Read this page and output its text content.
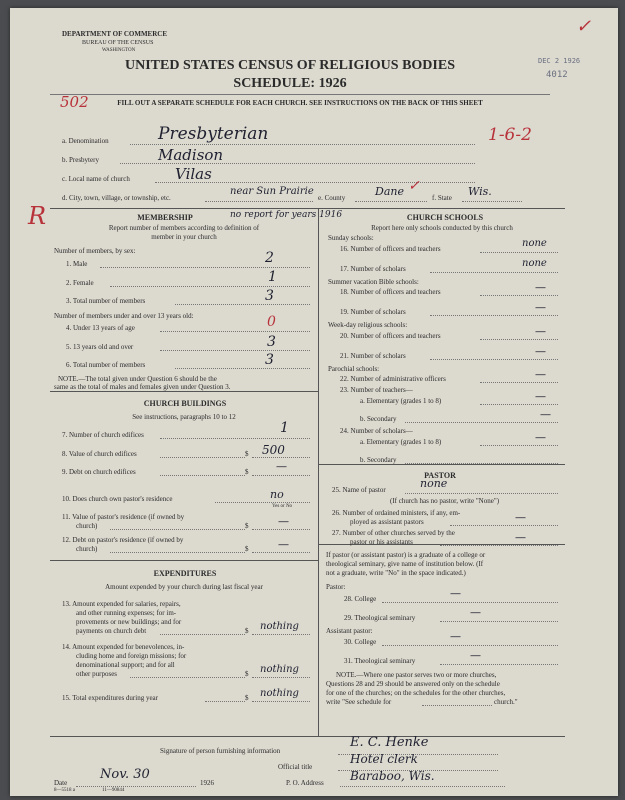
DEPARTMENT OF COMMERCE
BUREAU OF THE CENSUS
WASHINGTON
UNITED STATES CENSUS OF RELIGIOUS BODIES
SCHEDULE: 1926
FILL OUT A SEPARATE SCHEDULE FOR EACH CHURCH. SEE INSTRUCTIONS ON THE BACK OF THIS SHEET
DEC 2 1926
4012
502
1-6-2
R
✓
a. Denomination	Presbyterian
b. Presbytery	Madison
c. Local name of church	Vilas
d. City, town, village, or township, etc.
near Sun Prairie
e. County	Dane ✓
f. State Wis.
MEMBERSHIP	no report for years 1916
Report number of members according to definition of
member in your church
Number of members, by sex:
1. Male	2
2. Female	1
3. Total number of members	3
Number of members under and over 13 years old:
4. Under 13 years of age	0
5. 13 years old and over	3
6. Total number of members	3
NOTE.—The total given under Question 6 should be the
same as the total of males and females given under Question 3.
CHURCH BUILDINGS
See instructions, paragraphs 10 to 12
7. Number of church edifices	1
8. Value of church edifices	$ 500
9. Debt on church edifices	$	—
10. Does church own pastor's residence	no
Yes or No
11. Value of pastor's residence (if owned by
church)	$	—
12. Debt on pastor's residence (if owned by
church)	$	—
EXPENDITURES
Amount expended by your church during last fiscal year
13. Amount expended for salaries, repairs,
and other running expenses; for im-
provements or new buildings; and for
payments on church debt	$ nothing
14. Amount expended for benevolences, in-
cluding home and foreign missions; for
denominational support; and for all
other purposes	$ nothing
15. Total expenditures during year	$ nothing
CHURCH SCHOOLS
Report here only schools conducted by this church
Sunday schools:
16. Number of officers and teachers	none
17. Number of scholars	none
Summer vacation Bible schools:
18. Number of officers and teachers	—
19. Number of scholars	—
Week-day religious schools:
20. Number of officers and teachers	—
21. Number of scholars	—
Parochial schools:
22. Number of administrative officers	—
23. Number of teachers—
a. Elementary (grades 1 to 8)	—
b. Secondary	—
24. Number of scholars—
a. Elementary (grades 1 to 8)	—
b. Secondary
PASTOR
25. Name of pastor	none
(If church has no pastor, write "None")
26. Number of ordained ministers, if any, em-
ployed as assistant pastors	—
27. Number of other churches served by the
pastor or his assistants	—
If pastor (or assistant pastor) is a graduate of a college or
theological seminary, give name of institution below. (If
not a graduate, write "No" in the space indicated.)
Pastor:
28. College	—
29. Theological seminary	—
Assistant pastor:
30. College	—
31. Theological seminary	—
NOTE.—Where one pastor serves two or more churches,
Questions 28 and 29 should be answered only on the schedule
for one of the churches; on the schedules for the other churches,
write "See schedule for	church."
Signature of person furnishing information
E. C. Henke
Official title
Hotel clerk
Date
Nov. 30
1926	P. O. Address Baraboo, Wis.
8—5518 a	11—90844
